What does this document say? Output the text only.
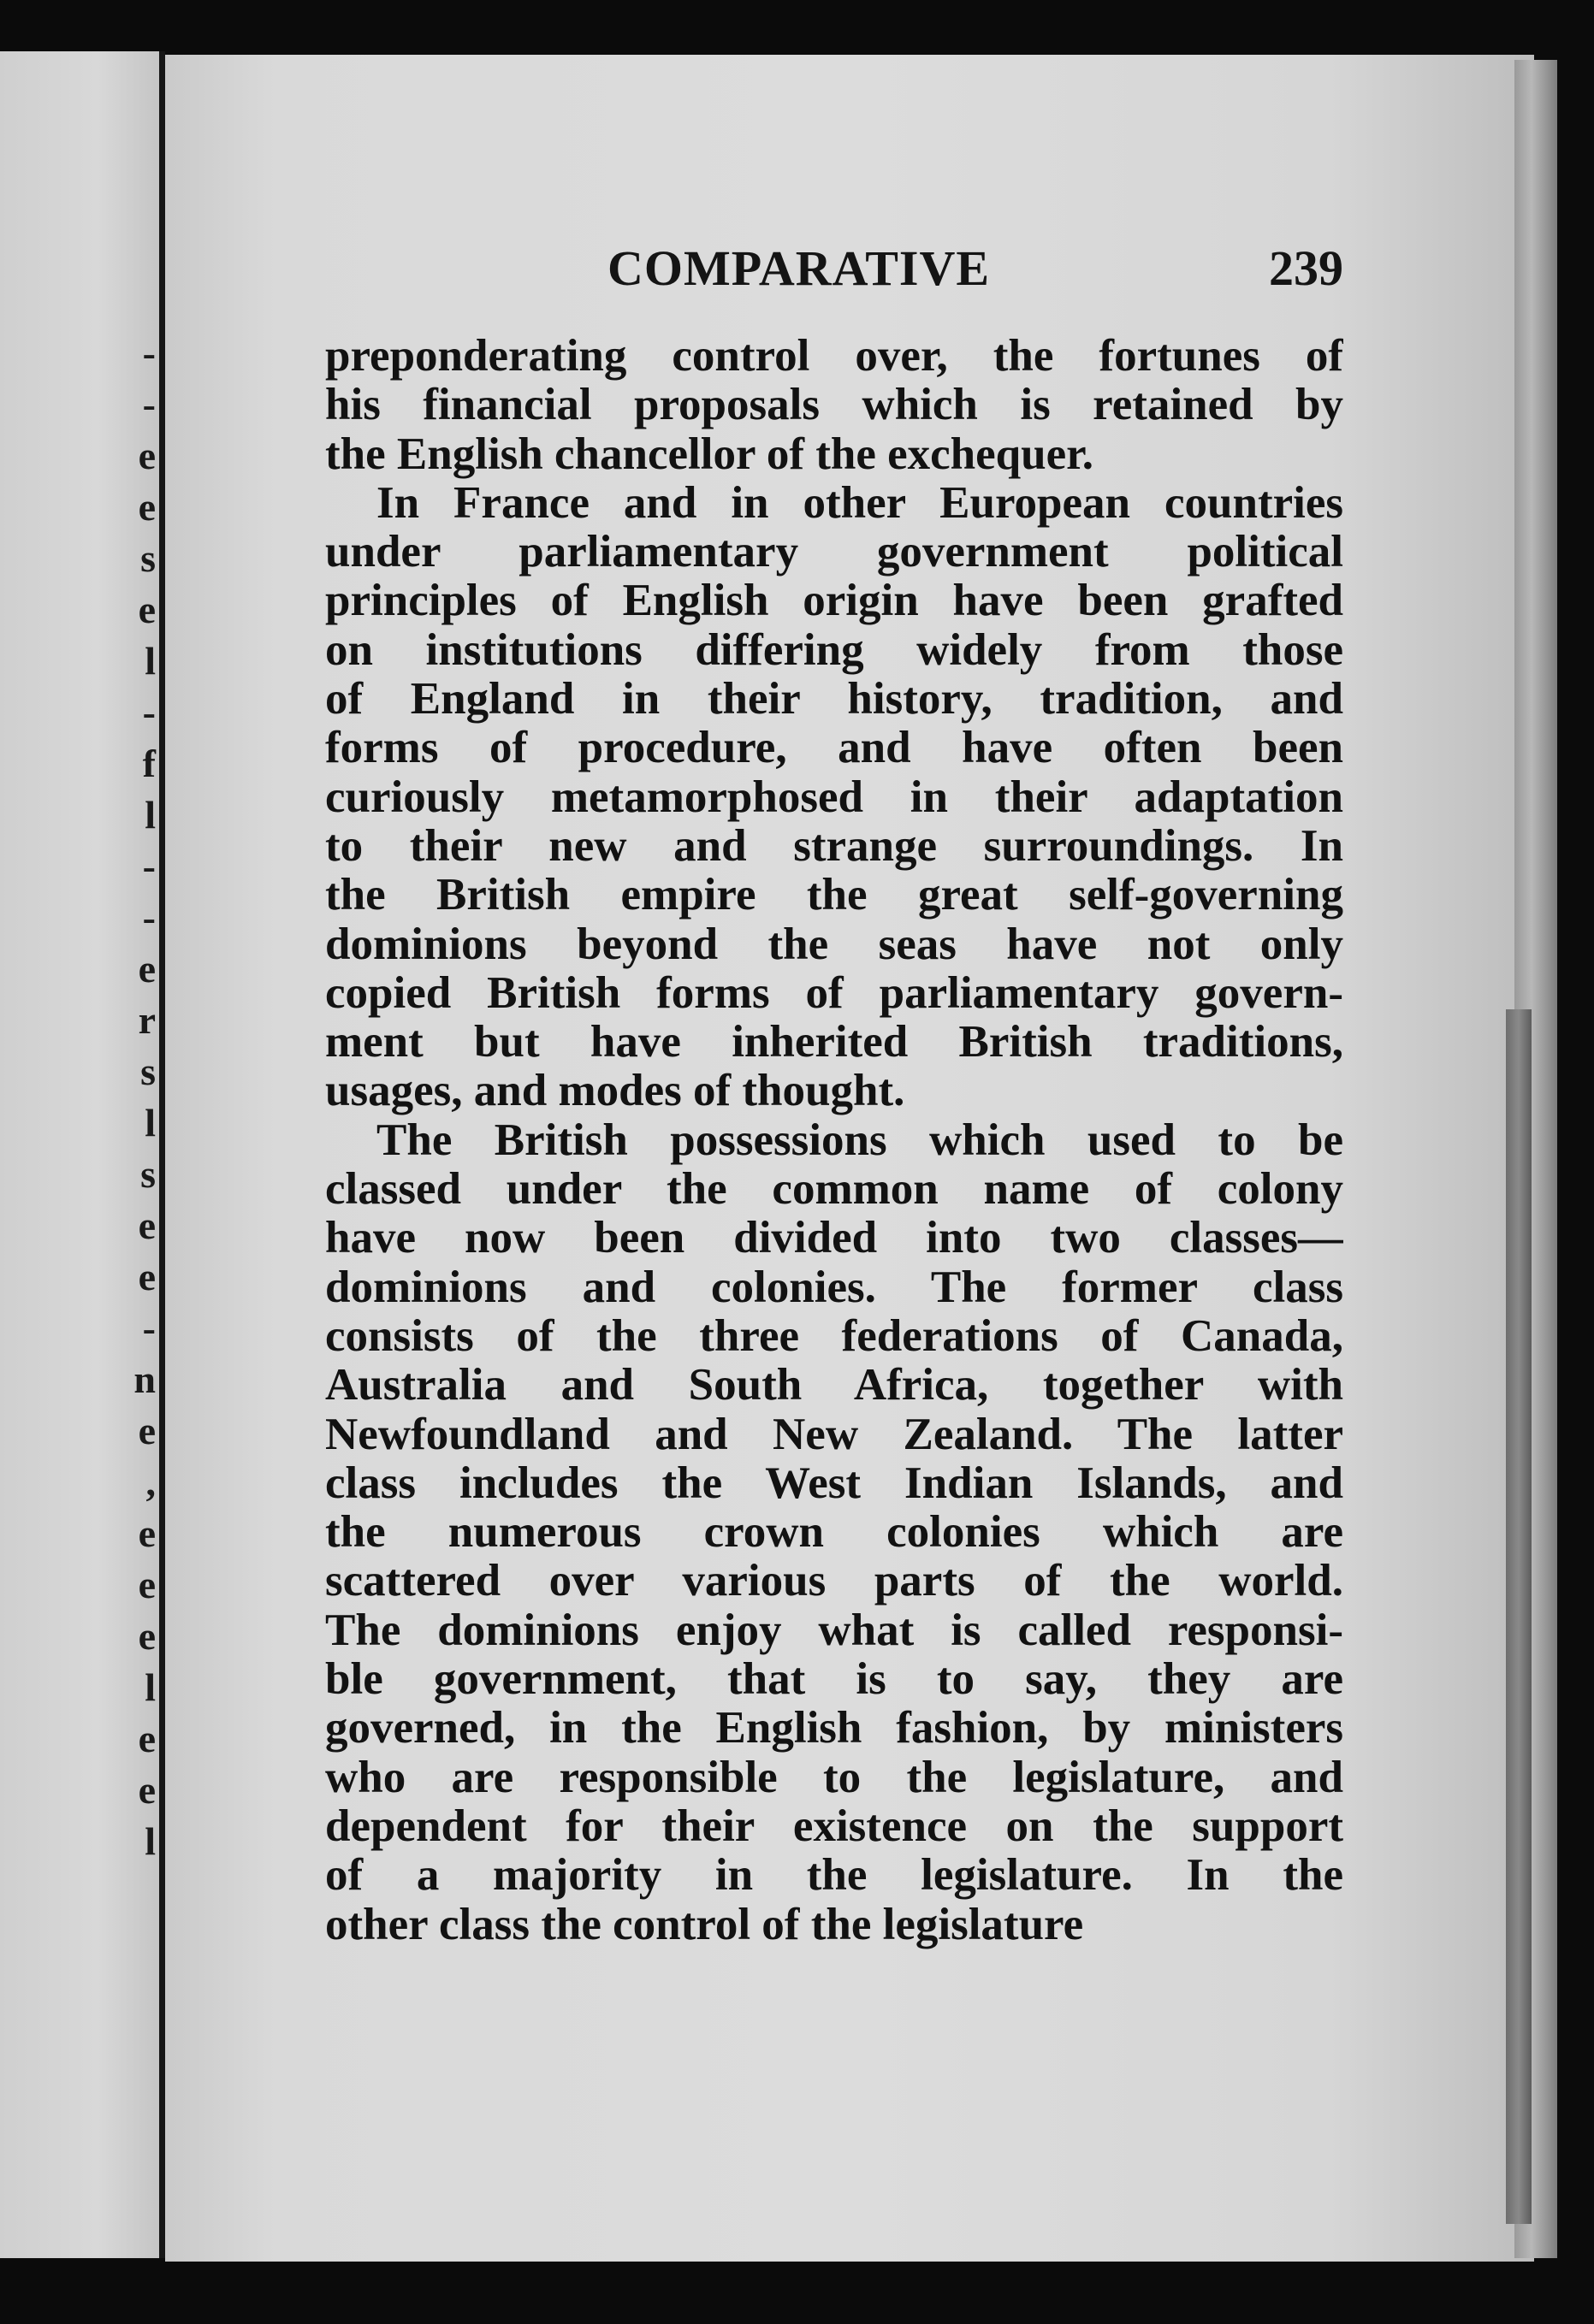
-
-
e
e
s
e
l
-
f
l
-
-
e
r
s
l
s
e
e
-
n
e
,
e
e
e
l
e
e
l
COMPARATIVE	239
preponderating control over, the fortunes of
his financial proposals which is retained by
the English chancellor of the exchequer.
In France and in other European countries
under parliamentary government political
principles of English origin have been grafted
on institutions differing widely from those
of England in their history, tradition, and
forms of procedure, and have often been
curiously metamorphosed in their adaptation
to their new and strange surroundings. In
the British empire the great self-governing
dominions beyond the seas have not only
copied British forms of parliamentary govern-
ment but have inherited British traditions,
usages, and modes of thought.
The British possessions which used to be
classed under the common name of colony
have now been divided into two classes—
dominions and colonies. The former class
consists of the three federations of Canada,
Australia and South Africa, together with
Newfoundland and New Zealand. The latter
class includes the West Indian Islands, and
the numerous crown colonies which are
scattered over various parts of the world.
The dominions enjoy what is called responsi-
ble government, that is to say, they are
governed, in the English fashion, by ministers
who are responsible to the legislature, and
dependent for their existence on the support
of a majority in the legislature. In the
other class the control of the legislature
